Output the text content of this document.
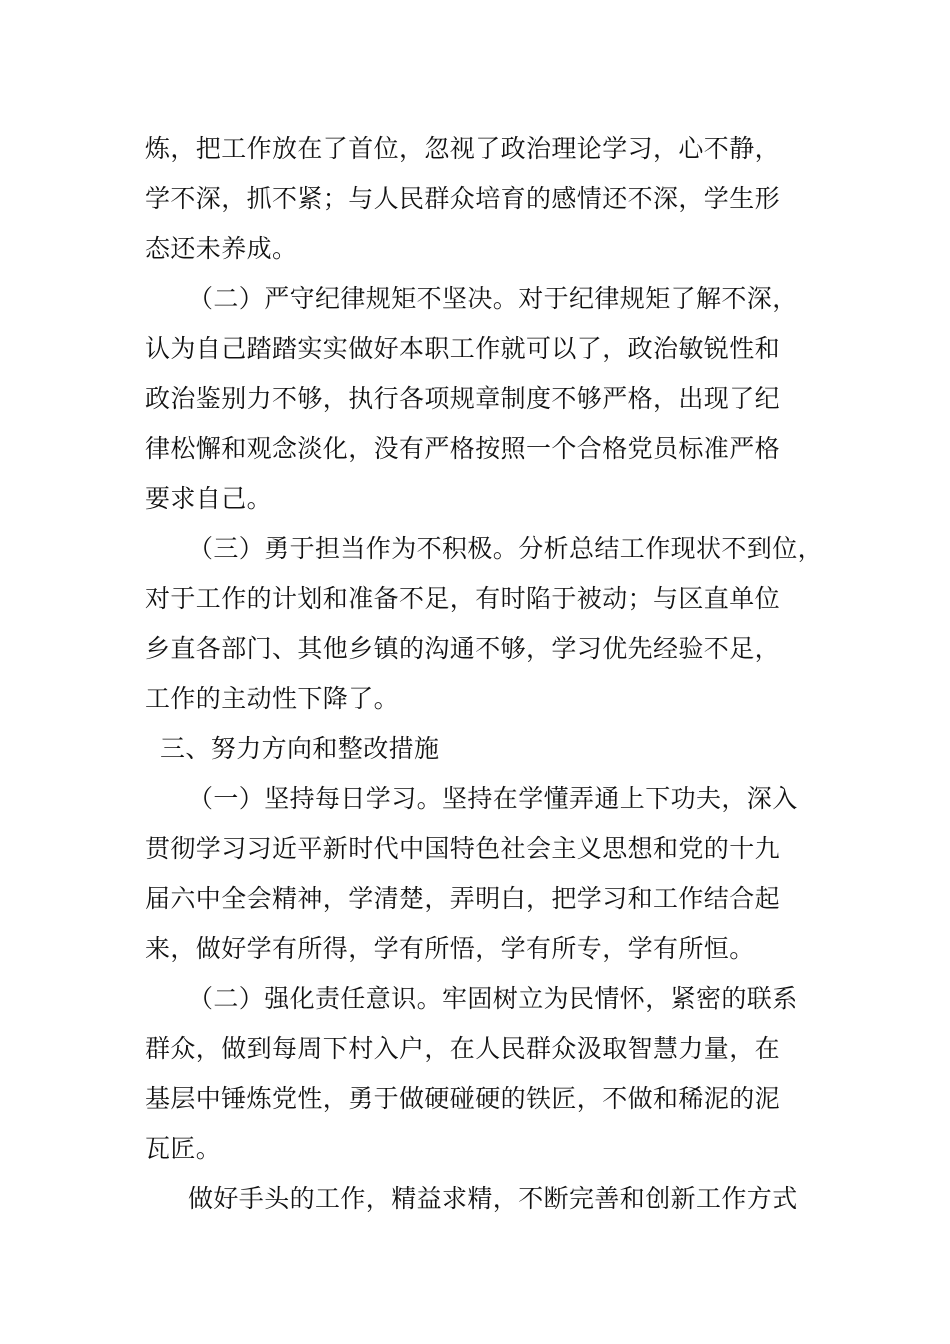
炼，把工作放在了首位，忽视了政治理论学习，心不静，
学不深，抓不紧；与人民群众培育的感情还不深，学生形
态还未养成。
（二）严守纪律规矩不坚决。对于纪律规矩了解不深，
认为自己踏踏实实做好本职工作就可以了，政治敏锐性和
政治鉴别力不够，执行各项规章制度不够严格，出现了纪
律松懈和观念淡化，没有严格按照一个合格党员标准严格
要求自己。
（三）勇于担当作为不积极。分析总结工作现状不到位，
对于工作的计划和准备不足，有时陷于被动；与区直单位
乡直各部门、其他乡镇的沟通不够，学习优先经验不足，
工作的主动性下降了。
三、努力方向和整改措施
（一）坚持每日学习。坚持在学懂弄通上下功夫，深入
贯彻学习习近平新时代中国特色社会主义思想和党的十九
届六中全会精神，学清楚，弄明白，把学习和工作结合起
来，做好学有所得，学有所悟，学有所专，学有所恒。
（二）强化责任意识。牢固树立为民情怀，紧密的联系
群众，做到每周下村入户，在人民群众汲取智慧力量，在
基层中锤炼党性，勇于做硬碰硬的铁匠，不做和稀泥的泥
瓦匠。
做好手头的工作，精益求精，不断完善和创新工作方式
